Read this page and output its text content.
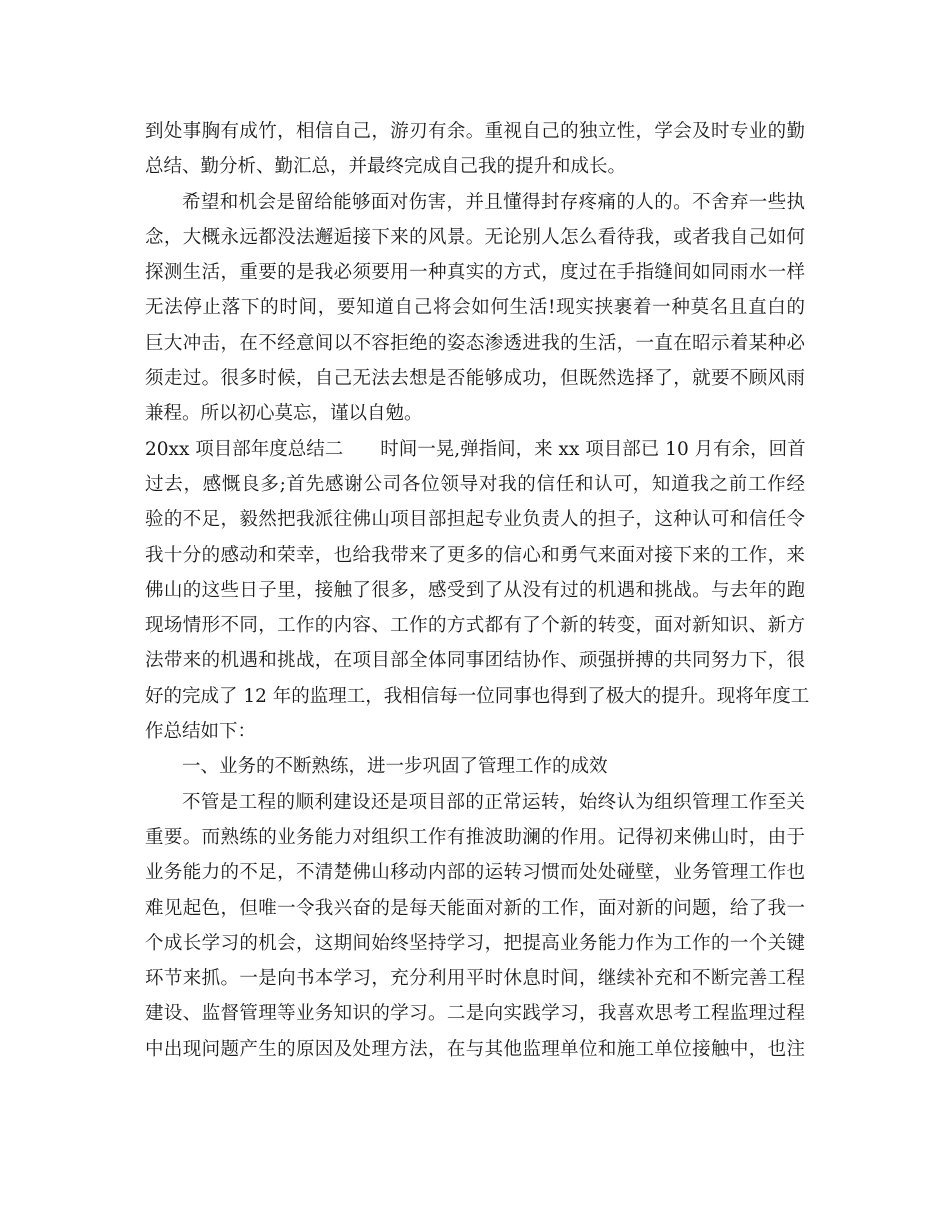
到处事胸有成竹，相信自己，游刃有余。重视自己的独立性，学会及时专业的勤
总结、勤分析、勤汇总，并最终完成自己我的提升和成长。
希望和机会是留给能够面对伤害，并且懂得封存疼痛的人的。不舍弃一些执
念，大概永远都没法邂逅接下来的风景。无论别人怎么看待我，或者我自己如何
探测生活，重要的是我必须要用一种真实的方式，度过在手指缝间如同雨水一样
无法停止落下的时间，要知道自己将会如何生活!现实挟裹着一种莫名且直白的
巨大冲击，在不经意间以不容拒绝的姿态渗透进我的生活，一直在昭示着某种必
须走过。很多时候，自己无法去想是否能够成功，但既然选择了，就要不顾风雨
兼程。所以初心莫忘，谨以自勉。
20xx 项目部年度总结二　　时间一晃,弹指间，来 xx 项目部已 10 月有余，回首
过去，感慨良多;首先感谢公司各位领导对我的信任和认可，知道我之前工作经
验的不足，毅然把我派往佛山项目部担起专业负责人的担子，这种认可和信任令
我十分的感动和荣幸，也给我带来了更多的信心和勇气来面对接下来的工作，来
佛山的这些日子里，接触了很多，感受到了从没有过的机遇和挑战。与去年的跑
现场情形不同，工作的内容、工作的方式都有了个新的转变，面对新知识、新方
法带来的机遇和挑战，在项目部全体同事团结协作、顽强拼搏的共同努力下，很
好的完成了 12 年的监理工，我相信每一位同事也得到了极大的提升。现将年度工
作总结如下：
一、业务的不断熟练，进一步巩固了管理工作的成效
不管是工程的顺利建设还是项目部的正常运转，始终认为组织管理工作至关
重要。而熟练的业务能力对组织工作有推波助澜的作用。记得初来佛山时，由于
业务能力的不足，不清楚佛山移动内部的运转习惯而处处碰壁，业务管理工作也
难见起色，但唯一令我兴奋的是每天能面对新的工作，面对新的问题，给了我一
个成长学习的机会，这期间始终坚持学习，把提高业务能力作为工作的一个关键
环节来抓。一是向书本学习，充分利用平时休息时间，继续补充和不断完善工程
建设、监督管理等业务知识的学习。二是向实践学习，我喜欢思考工程监理过程
中出现问题产生的原因及处理方法，在与其他监理单位和施工单位接触中，也注
